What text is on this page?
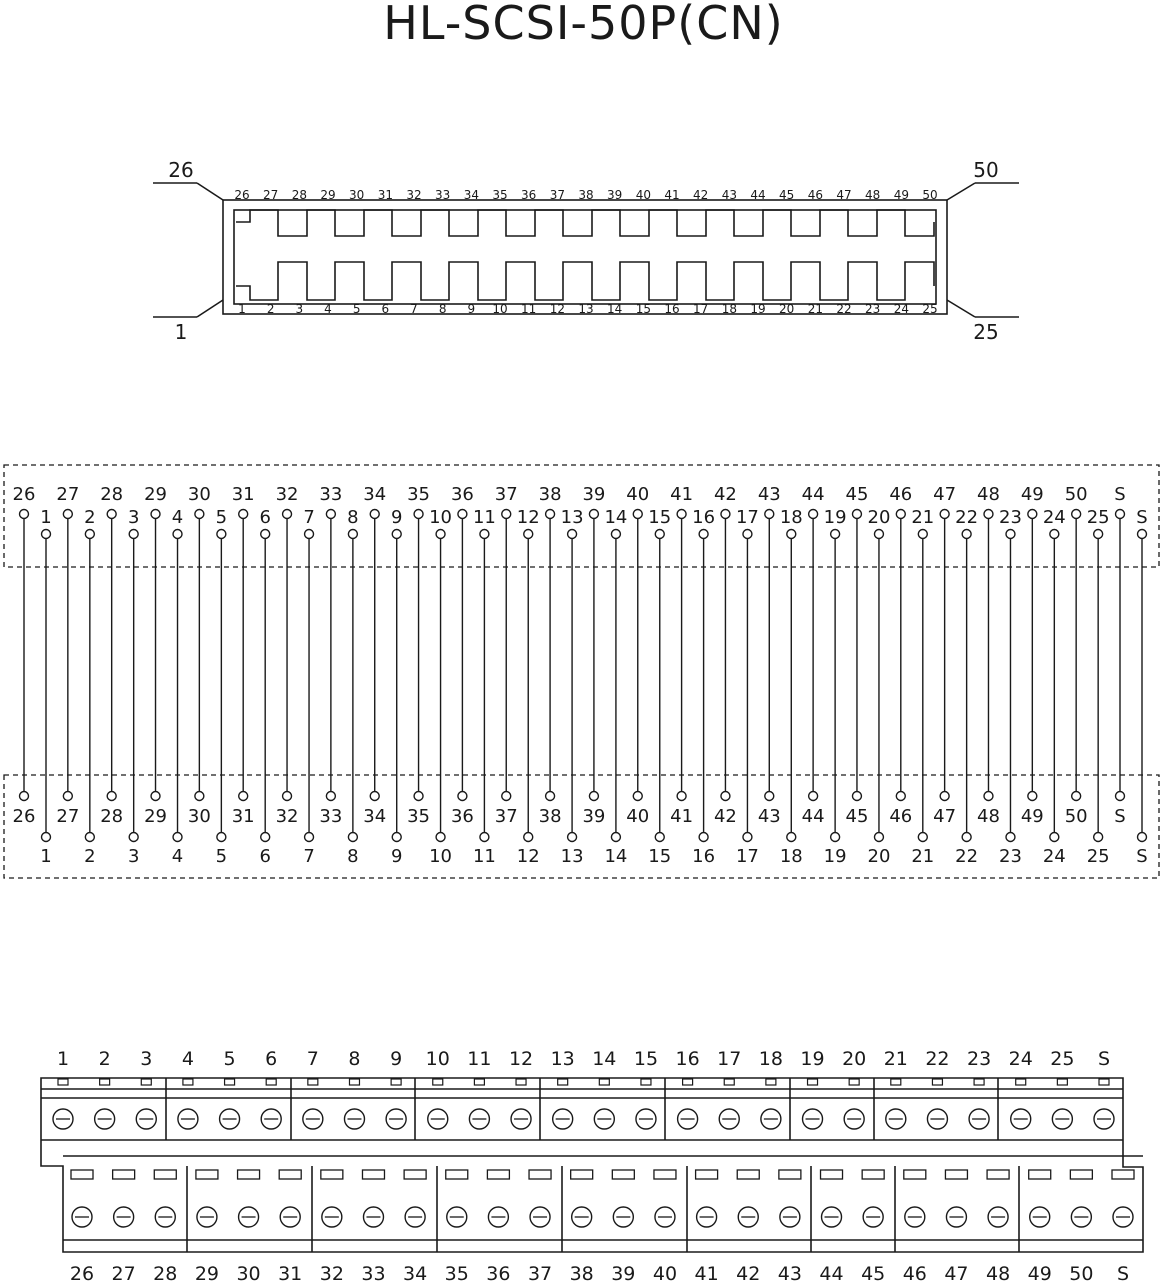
HL-SCSI-50P(CN)
26	50
1	25
26 27 28 29 30 31 32 33 34 35 36 37 38 39 40 41 42 43 44 45 46 47 48 49 50
1 2 3 4 5 6 7 8 9 10 11 12 13 14 15 16 17 18 19 20 21 22 23 24 25
26
26
27
27
28
28
29
29
30
30
31
31
32
32
33
33
34
34
35
35
36
36
37
37
38
38
39
39
40
40
41
41
42
42
43
43
44
44
45
45
46
46
47
47
48
48
49
49
50
50
S
S
1
1
2
2
3
3
4
4
5
5
6
6
7
7
8
8
9
9
10
10
11
11
12
12
13
13
14
14
15
15
16
16
17
17
18
18
19
19
20
20
21
21
22
22
23
23
24
24
25
25
S
S
1 2 3 4 5 6 7 8 9 10 11 12 13 14 15 16 17 18 19 20 21 22 23 24 25 S
26 27 28 29 30 31 32 33 34 35 36 37 38 39 40 41 42 43 44 45 46 47 48 49 50 S
